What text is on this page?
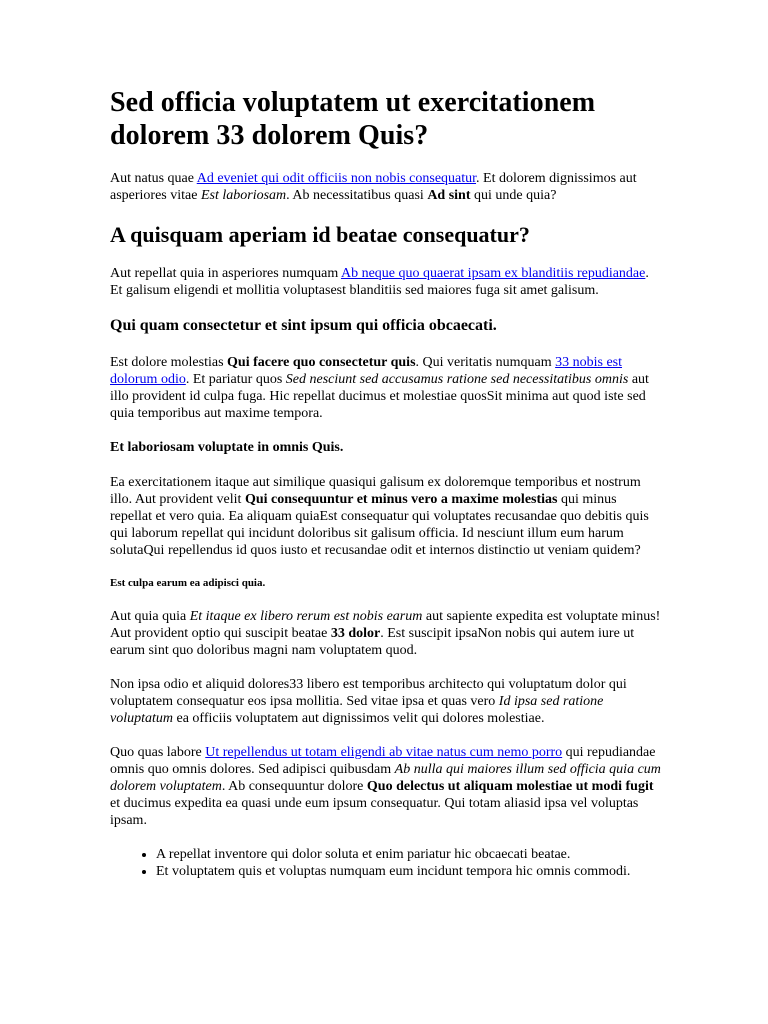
Sed officia voluptatem ut exercitationem dolorem 33 dolorem Quis?

Aut natus quae Ad eveniet qui odit officiis non nobis consequatur. Et dolorem dignissimos aut asperiores vitae Est laboriosam. Ab necessitatibus quasi Ad sint qui unde quia?

A quisquam aperiam id beatae consequatur?

Aut repellat quia in asperiores numquam Ab neque quo quaerat ipsam ex blanditiis repudiandae. Et galisum eligendi et mollitia voluptasest blanditiis sed maiores fuga sit amet galisum.

Qui quam consectetur et sint ipsum qui officia obcaecati.

Est dolore molestias Qui facere quo consectetur quis. Qui veritatis numquam 33 nobis est dolorum odio. Et pariatur quos Sed nesciunt sed accusamus ratione sed necessitatibus omnis aut illo provident id culpa fuga. Hic repellat ducimus et molestiae quosSit minima aut quod iste sed quia temporibus aut maxime tempora.

Et laboriosam voluptate in omnis Quis.

Ea exercitationem itaque aut similique quasiqui galisum ex doloremque temporibus et nostrum illo. Aut provident velit Qui consequuntur et minus vero a maxime molestias qui minus repellat et vero quia. Ea aliquam quiaEst consequatur qui voluptates recusandae quo debitis quis qui laborum repellat qui incidunt doloribus sit galisum officia. Id nesciunt illum eum harum solutaQui repellendus id quos iusto et recusandae odit et internos distinctio ut veniam quidem?

Est culpa earum ea adipisci quia.

Aut quia quia Et itaque ex libero rerum est nobis earum aut sapiente expedita est voluptate minus! Aut provident optio qui suscipit beatae 33 dolor. Est suscipit ipsaNon nobis qui autem iure ut earum sint quo doloribus magni nam voluptatem quod.

Non ipsa odio et aliquid dolores33 libero est temporibus architecto qui voluptatum dolor qui voluptatem consequatur eos ipsa mollitia. Sed vitae ipsa et quas vero Id ipsa sed ratione voluptatum ea officiis voluptatem aut dignissimos velit qui dolores molestiae.

Quo quas labore Ut repellendus ut totam eligendi ab vitae natus cum nemo porro qui repudiandae omnis quo omnis dolores. Sed adipisci quibusdam Ab nulla qui maiores illum sed officia quia cum dolorem voluptatem. Ab consequuntur dolore Quo delectus ut aliquam molestiae ut modi fugit et ducimus expedita ea quasi unde eum ipsum consequatur. Qui totam aliasid ipsa vel voluptas ipsam.

• A repellat inventore qui dolor soluta et enim pariatur hic obcaecati beatae.
• Et voluptatem quis et voluptas numquam eum incidunt tempora hic omnis commodi.
